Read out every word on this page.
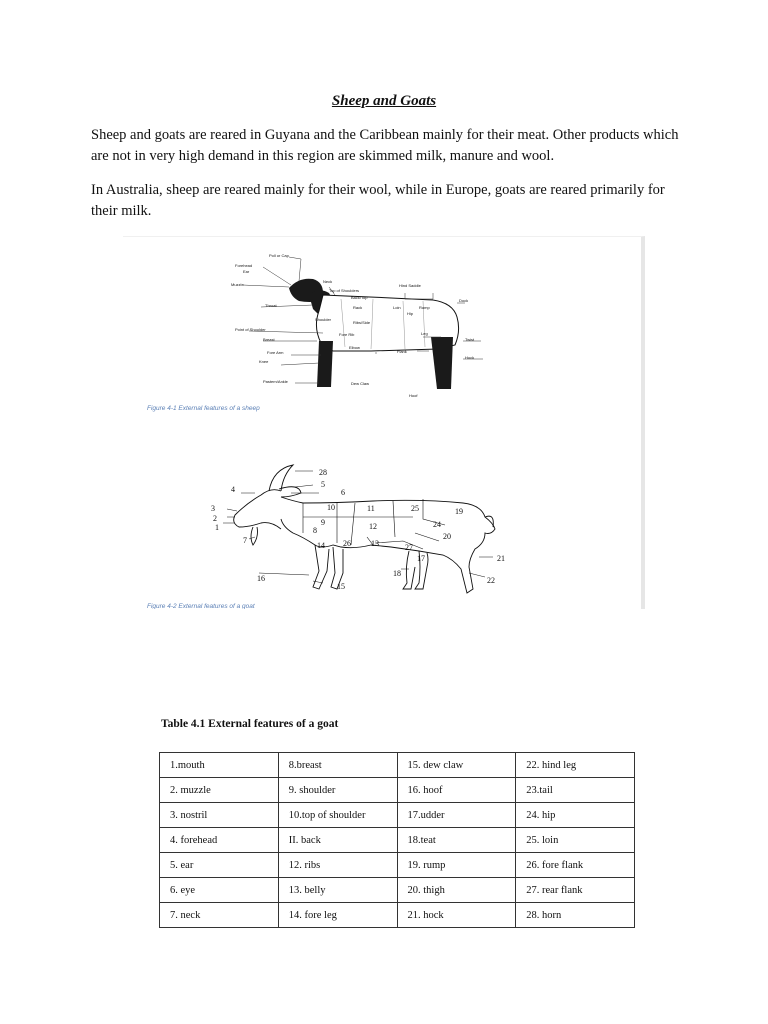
Sheep and Goats

Sheep and goats are reared in Guyana and the Caribbean mainly for their meat. Other products which are not in very high demand in this region are skimmed milk, manure and wool.

In Australia, sheep are reared mainly for their wool, while in Europe, goats are reared primarily for their milk.

Poll or Cap
Forehead
Ear
Muzzle
Neck
Top of Shoulders
Hind Saddle
Back/Top
Dock
Throat	Rack	Loin	Rump
Hip
Shoulder
Ribs/Side
Point of Shoulder
Fore Rib	Leg
Twist
Breast
Elbow
Fore Arm	Flank
Hock
Knee
Pastern/Ankle	Dew Claw
Hoof
28
5
6
4
3
2
1
7
8
9
10	11
12
25	19
24
20
14 26	13	27
17
18
21
22
16
15
Figure 4-1 External features of a sheep
Figure 4-2 External features of a goat
Table 4.1 External features of a goat
1.mouth	8.breast	15. dew claw	22. hind leg
2. muzzle	9. shoulder	16. hoof	23.tail
3. nostril	10.top of shoulder	17.udder	24. hip
4. forehead	II. back	18.teat	25. loin
5. ear	12. ribs	19. rump	26. fore flank
6. eye	13. belly	20. thigh	27. rear flank
7. neck	14. fore leg	21. hock	28. horn
